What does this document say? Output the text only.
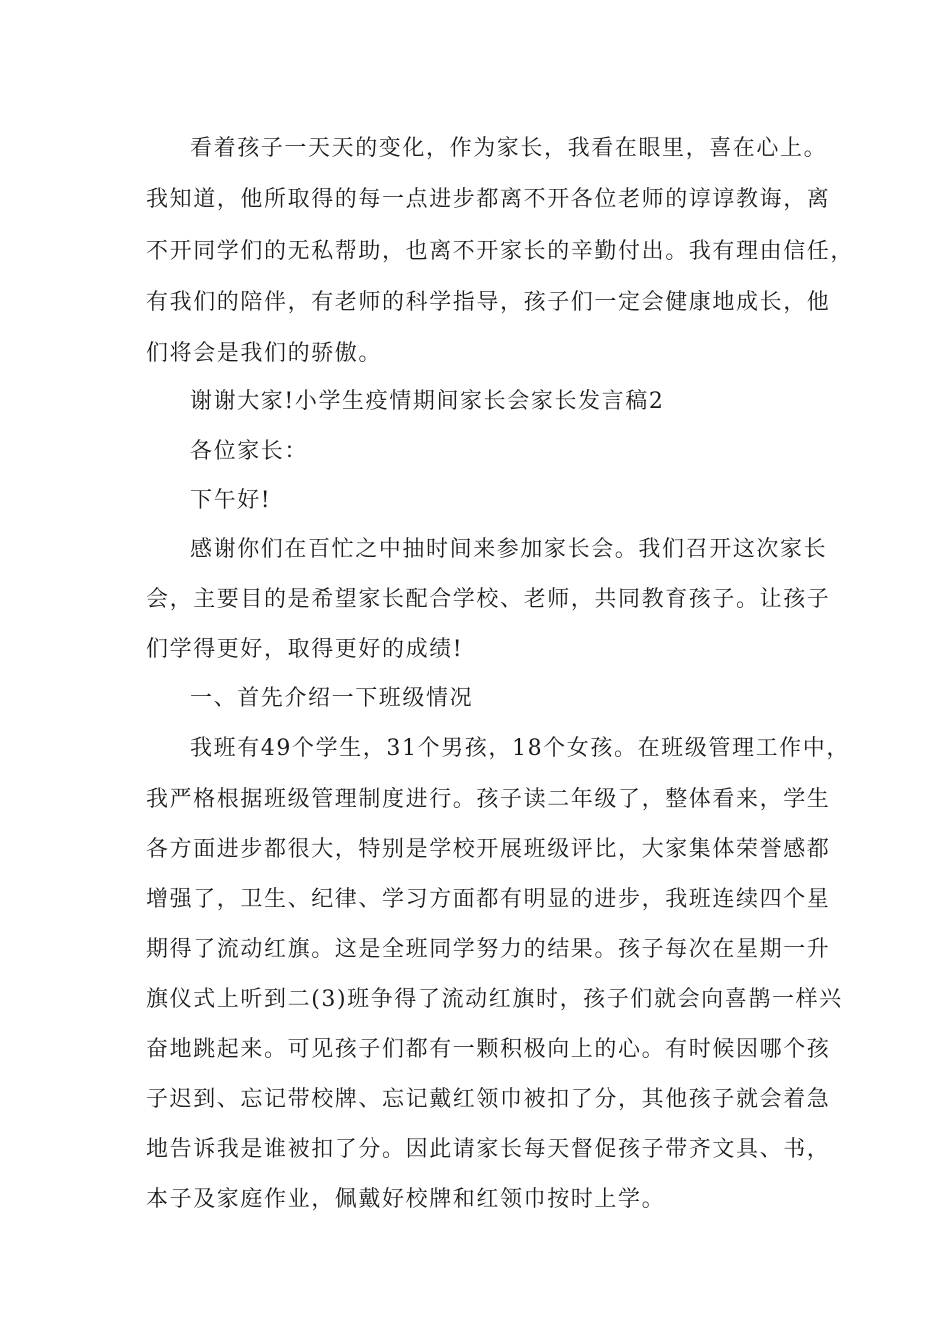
看着孩子一天天的变化，作为家长，我看在眼里，喜在心上。
我知道，他所取得的每一点进步都离不开各位老师的谆谆教诲，离
不开同学们的无私帮助，也离不开家长的辛勤付出。我有理由信任，
有我们的陪伴，有老师的科学指导，孩子们一定会健康地成长，他
们将会是我们的骄傲。
谢谢大家!小学生疫情期间家长会家长发言稿2
各位家长：
下午好!
感谢你们在百忙之中抽时间来参加家长会。我们召开这次家长
会，主要目的是希望家长配合学校、老师，共同教育孩子。让孩子
们学得更好，取得更好的成绩!
一、首先介绍一下班级情况
我班有49个学生，31个男孩，18个女孩。在班级管理工作中，
我严格根据班级管理制度进行。孩子读二年级了，整体看来，学生
各方面进步都很大，特别是学校开展班级评比，大家集体荣誉感都
增强了，卫生、纪律、学习方面都有明显的进步，我班连续四个星
期得了流动红旗。这是全班同学努力的结果。孩子每次在星期一升
旗仪式上听到二(3)班争得了流动红旗时，孩子们就会向喜鹊一样兴
奋地跳起来。可见孩子们都有一颗积极向上的心。有时候因哪个孩
子迟到、忘记带校牌、忘记戴红领巾被扣了分，其他孩子就会着急
地告诉我是谁被扣了分。因此请家长每天督促孩子带齐文具、书，
本子及家庭作业，佩戴好校牌和红领巾按时上学。
